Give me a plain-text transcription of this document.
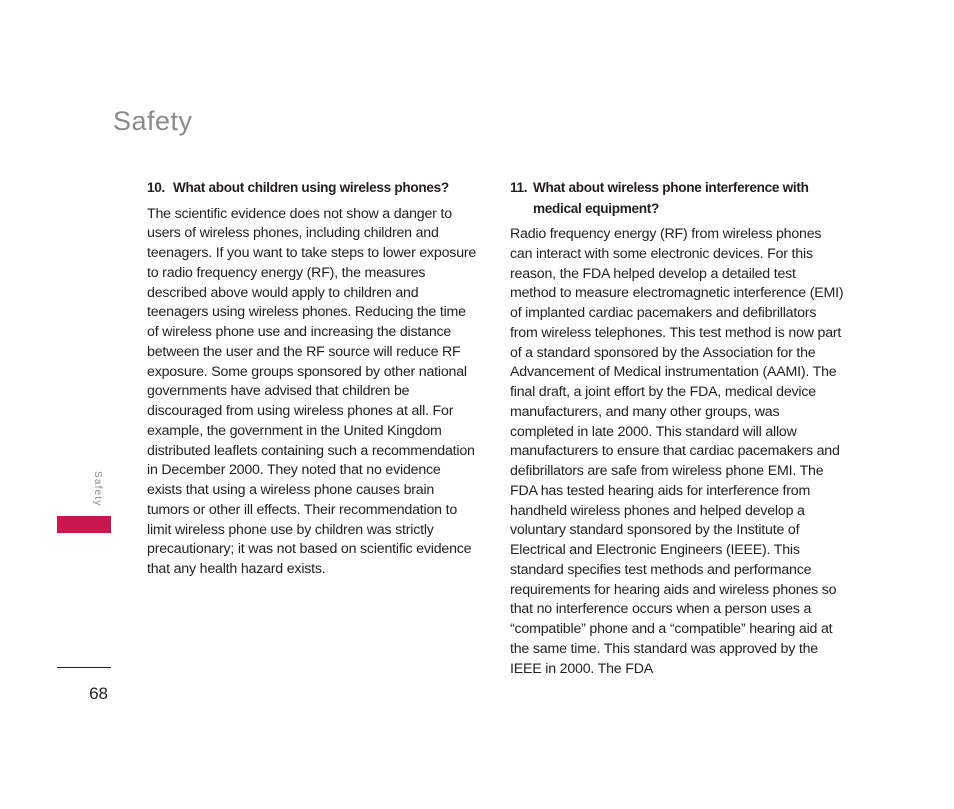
Safety
10. What about children using wireless phones?

The scientific evidence does not show a danger to users of wireless phones, including children and teenagers. If you want to take steps to lower exposure to radio frequency energy (RF), the measures described above would apply to children and teenagers using wireless phones. Reducing the time of wireless phone use and increasing the distance between the user and the RF source will reduce RF exposure. Some groups sponsored by other national governments have advised that children be discouraged from using wireless phones at all. For example, the government in the United Kingdom distributed leaflets containing such a recommendation in December 2000. They noted that no evidence exists that using a wireless phone causes brain tumors or other ill effects. Their recommendation to limit wireless phone use by children was strictly precautionary; it was not based on scientific evidence that any health hazard exists.

11. What about wireless phone interference with medical equipment?

Radio frequency energy (RF) from wireless phones can interact with some electronic devices. For this reason, the FDA helped develop a detailed test method to measure electromagnetic interference (EMI) of implanted cardiac pacemakers and defibrillators from wireless telephones. This test method is now part of a standard sponsored by the Association for the Advancement of Medical instrumentation (AAMI). The final draft, a joint effort by the FDA, medical device manufacturers, and many other groups, was completed in late 2000. This standard will allow manufacturers to ensure that cardiac pacemakers and defibrillators are safe from wireless phone EMI. The FDA has tested hearing aids for interference from handheld wireless phones and helped develop a voluntary standard sponsored by the Institute of Electrical and Electronic Engineers (IEEE). This standard specifies test methods and performance requirements for hearing aids and wireless phones so that no interference occurs when a person uses a “compatible” phone and a “compatible” hearing aid at the same time. This standard was approved by the IEEE in 2000. The FDA

Safety
68
